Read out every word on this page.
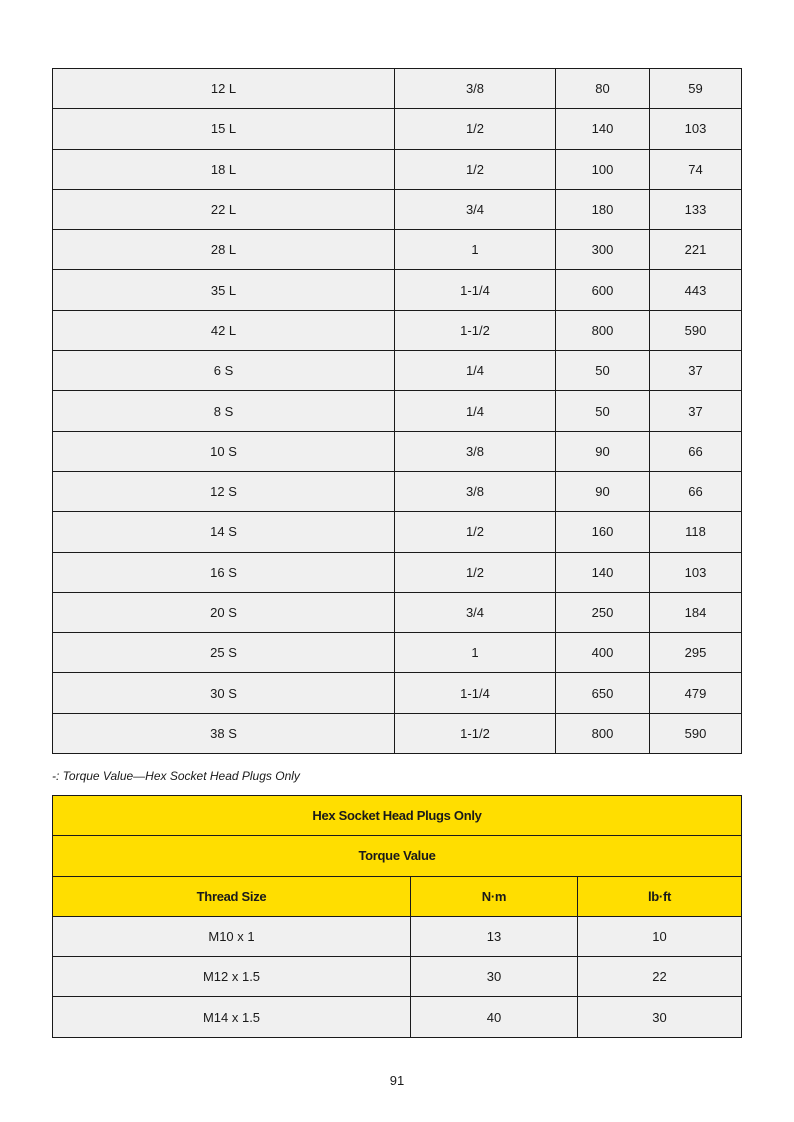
12 L	3/8	80	59
15 L	1/2	140	103
18 L	1/2	100	74
22 L	3/4	180	133
28 L	1	300	221
35 L	1-1/4	600	443
42 L	1-1/2	800	590
6 S	1/4	50	37
8 S	1/4	50	37
10 S	3/8	90	66
12 S	3/8	90	66
14 S	1/2	160	118
16 S	1/2	140	103
20 S	3/4	250	184
25 S	1	400	295
30 S	1-1/4	650	479
38 S	1-1/2	800	590
-: Torque Value—Hex Socket Head Plugs Only
Hex Socket Head Plugs Only		
Torque Value		
Thread Size	N·m	lb·ft
M10 x 1	13	10
M12 x 1.5	30	22
M14 x 1.5	40	30
91
